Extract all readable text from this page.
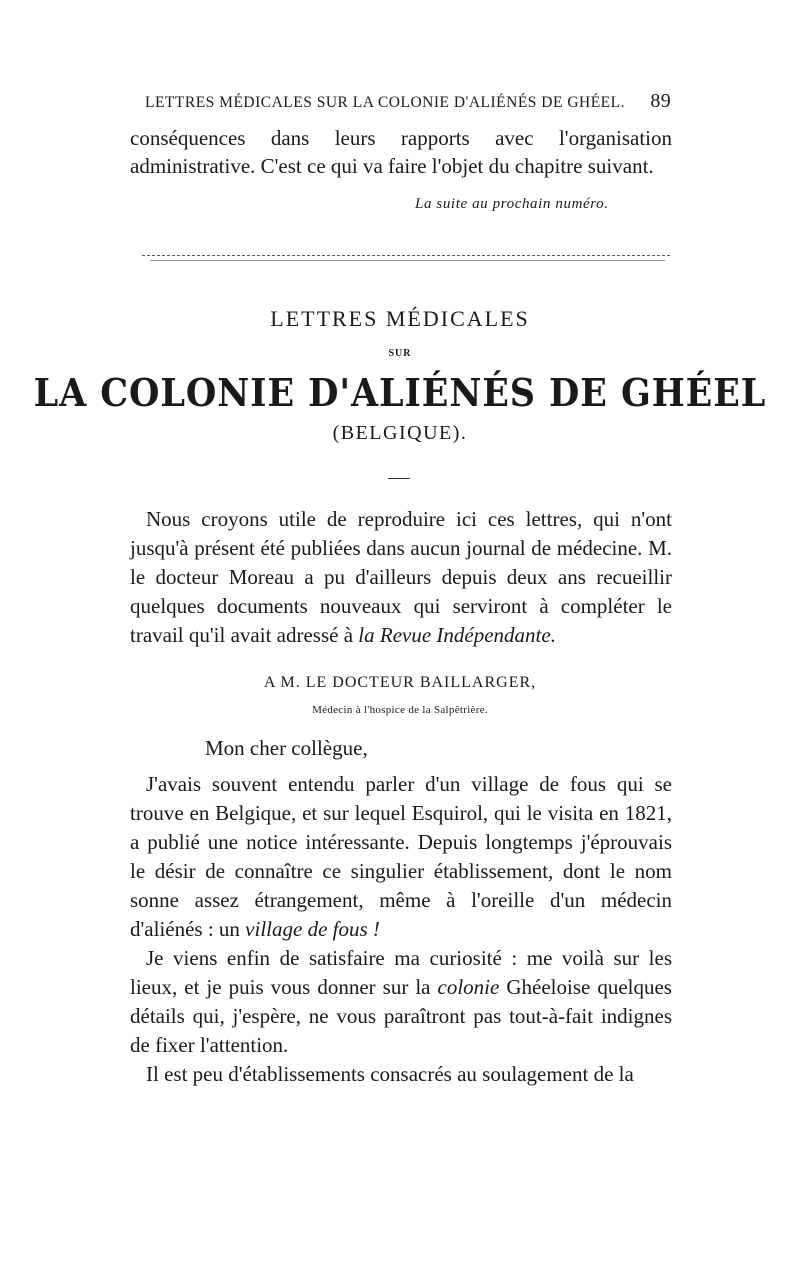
LETTRES MÉDICALES SUR LA COLONIE D'ALIÉNÉS DE GHÉEL. 89
conséquences dans leurs rapports avec l'organisation administrative. C'est ce qui va faire l'objet du chapitre suivant.
La suite au prochain numéro.
LETTRES MÉDICALES
SUR
LA COLONIE D'ALIÉNÉS DE GHÉEL
(BELGIQUE).

Nous croyons utile de reproduire ici ces lettres, qui n'ont jusqu'à présent été publiées dans aucun journal de médecine. M. le docteur Moreau a pu d'ailleurs depuis deux ans recueillir quelques documents nouveaux qui serviront à compléter le travail qu'il avait adressé à la Revue Indépendante.

A M. LE DOCTEUR BAILLARGER,
Médecin à l'hospice de la Salpêtrière.
Mon cher collègue,

J'avais souvent entendu parler d'un village de fous qui se trouve en Belgique, et sur lequel Esquirol, qui le visita en 1821, a publié une notice intéressante. Depuis longtemps j'éprouvais le désir de connaître ce singulier établissement, dont le nom sonne assez étrangement, même à l'oreille d'un médecin d'aliénés : un village de fous !

Je viens enfin de satisfaire ma curiosité : me voilà sur les lieux, et je puis vous donner sur la colonie Ghéeloise quelques détails qui, j'espère, ne vous paraîtront pas tout-à-fait indignes de fixer l'attention.

Il est peu d'établissements consacrés au soulagement de la
